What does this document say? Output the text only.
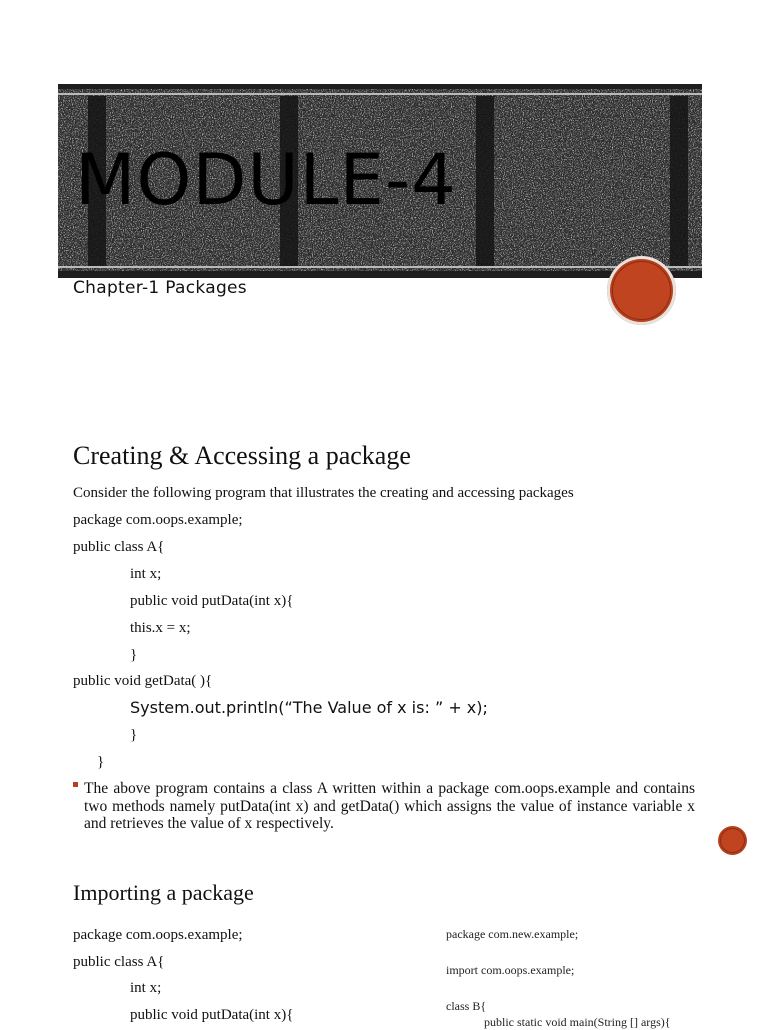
MODULE-4
Chapter-1 Packages
Creating & Accessing a package
Consider the following program that illustrates the creating and accessing packages
package com.oops.example;
public class A{
int x;
public void putData(int x){
this.x = x;
}
public void getData( ){
System.out.println(“The Value of x is: ” + x);
}
}
The above program contains a class A written within a package com.oops.example and contains two methods namely putData(int x) and getData() which assigns the value of instance variable x and retrieves the value of x respectively.
Importing a package
package com.oops.example;
public class A{
int x;
public void putData(int x){
package com.new.example;
import com.oops.example;
class B{
public static void main(String [] args){
